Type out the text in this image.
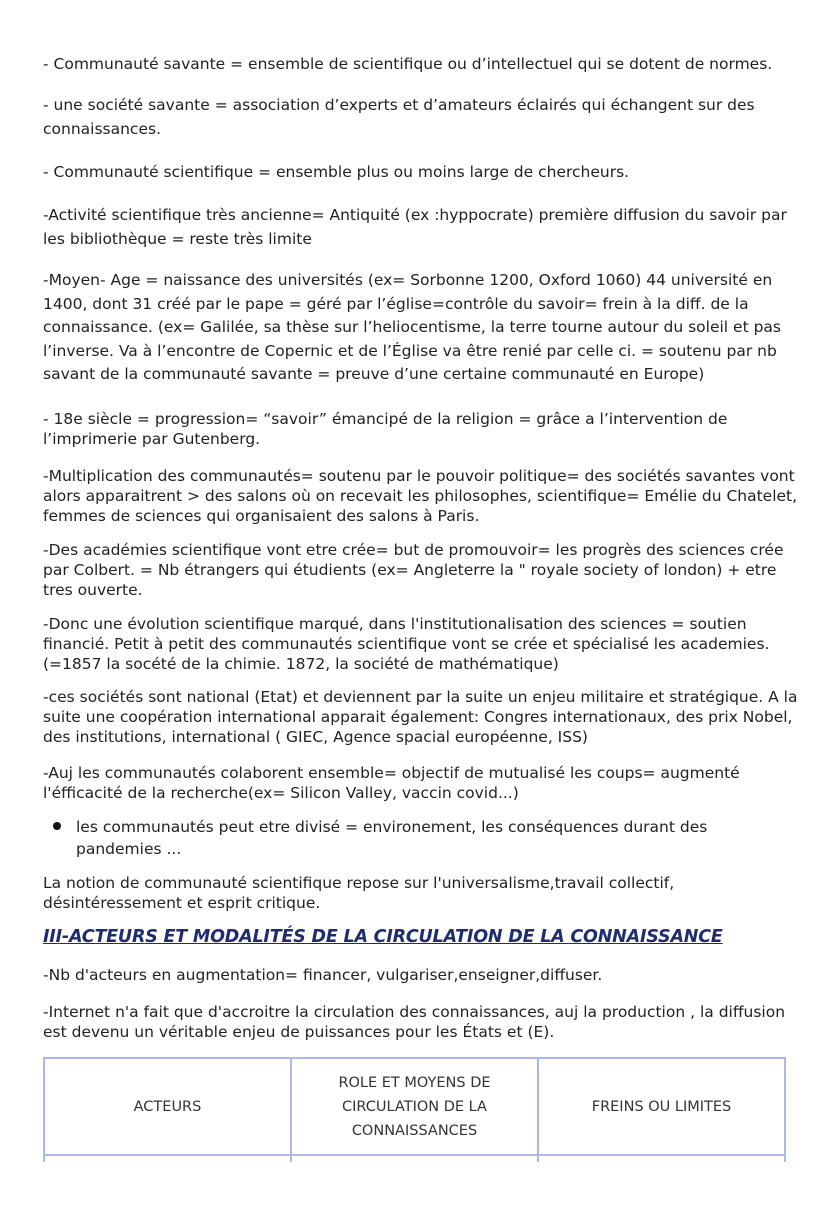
- Communauté savante = ensemble de scientifique ou d’intellectuel qui se dotent de normes.

- une société savante = association d’experts et d’amateurs éclairés qui échangent sur des connaissances.

- Communauté scientifique = ensemble plus ou moins large de chercheurs.

-Activité scientifique très ancienne= Antiquité (ex :hyppocrate) première diffusion du savoir par les bibliothèque = reste très limite

-Moyen- Age = naissance des universités (ex= Sorbonne 1200, Oxford 1060) 44 université en 1400, dont 31 créé par le pape = géré par l’église=contrôle du savoir= frein à la diff. de la connaissance. (ex= Galilée, sa thèse sur l’heliocentisme, la terre tourne autour du soleil et pas l’inverse. Va à l’encontre de Copernic et de l’Église va être renié par celle ci. = soutenu par nb savant de la communauté savante = preuve d’une certaine communauté en Europe)

- 18e siècle = progression= “savoir” émancipé de la religion = grâce a l’intervention de l’imprimerie par Gutenberg.

-Multiplication des communautés= soutenu par le pouvoir politique= des sociétés savantes vont alors apparaitrent > des salons où on recevait les philosophes, scientifique= Emélie du Chatelet, femmes de sciences qui organisaient des salons à Paris.

-Des académies scientifique vont etre crée= but de promouvoir= les progrès des sciences crée par Colbert. = Nb étrangers qui étudients (ex= Angleterre la " royale society of london) + etre tres ouverte.

-Donc une évolution scientifique marqué, dans l'institutionalisation des sciences = soutien financié. Petit à petit des communautés scientifique vont se crée et spécialisé les academies. (=1857 la socété de la chimie. 1872, la société de mathématique)

-ces sociétés sont national (Etat) et deviennent par la suite un enjeu militaire et stratégique. A la suite une coopération international apparait également: Congres internationaux, des prix Nobel, des institutions, international ( GIEC, Agence spacial européenne, ISS)

-Auj les communautés colaborent ensemble= objectif de mutualisé les coups= augmenté l'éfficacité de la recherche(ex= Silicon Valley, vaccin covid...)

les communautés peut etre divisé = environement, les conséquences durant des pandemies ...

La notion de communauté scientifique repose sur l'universalisme,travail collectif, désintéressement et esprit critique.

III-ACTEURS ET MODALITÉS DE LA CIRCULATION DE LA CONNAISSANCE

-Nb d'acteurs en augmentation= financer, vulgariser,enseigner,diffuser.

-Internet n'a fait que d'accroitre la circulation des connaissances, auj la production , la diffusion est devenu un véritable enjeu de puissances pour les États et (E).

ACTEURS	ROLE ET MOYENS DE CIRCULATION DE LA CONNAISSANCES	FREINS OU LIMITES
